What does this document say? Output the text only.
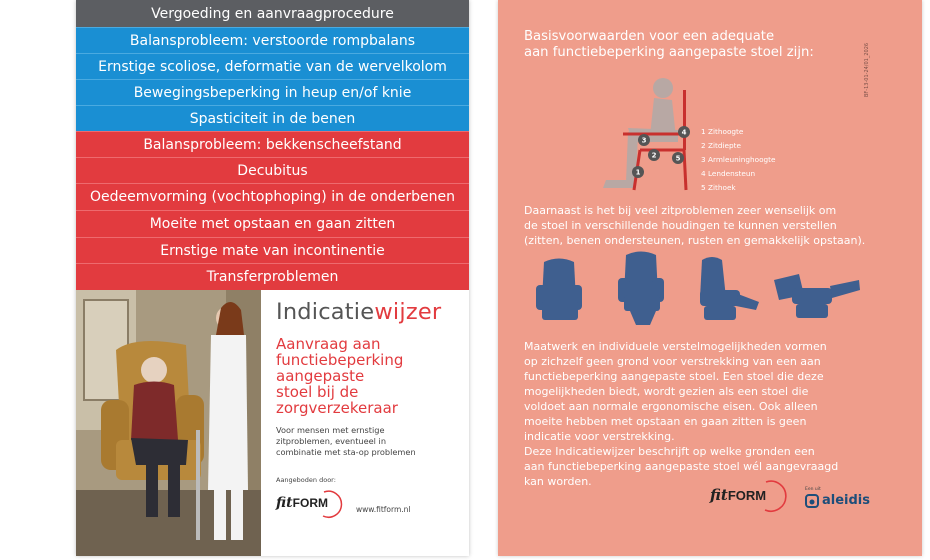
Vergoeding en aanvraagprocedure
Balansprobleem: verstoorde rompbalans
Ernstige scoliose, deformatie van de wervelkolom
Bewegingsbeperking in heup en/of knie
Spasticiteit in de benen
Balansprobleem: bekkenscheefstand
Decubitus
Oedeemvorming (vochtophoping) in de onderbenen
Moeite met opstaan en gaan zitten
Ernstige mate van incontinentie
Transferproblemen
Indicatiewijzer
Aanvraag aan
functiebeperking
aangepaste
stoel bij de
zorgverzekeraar
Voor mensen met ernstige
zitproblemen, eventueel in
combinatie met sta-op problemen
Aangeboden door:
fit FORM	www.fitform.nl
Basisvoorwaarden voor een adequate
aan functiebeperking aangepaste stoel zijn:	BF-13-01-24/01_2026
1
2
3
4
5
1 Zithoogte
2 Zitdiepte
3 Armleuninghoogte
4 Lendensteun
5 Zithoek
Daarnaast is het bij veel zitproblemen zeer wenselijk om
de stoel in verschillende houdingen te kunnen verstellen
(zitten, benen ondersteunen, rusten en gemakkelijk opstaan).
Maatwerk en individuele verstelmogelijkheden vormen
op zichzelf geen grond voor verstrekking van een aan
functiebeperking aangepaste stoel. Een stoel die deze
mogelijkheden biedt, wordt gezien als een stoel die
voldoet aan normale ergonomische eisen. Ook alleen
moeite hebben met opstaan en gaan zitten is geen
indicatie voor verstrekking.
Deze Indicatiewijzer beschrijft op welke gronden een
aan functiebeperking aangepaste stoel wél aangevraagd
kan worden.
fit FORM	Een uit
aleidis
